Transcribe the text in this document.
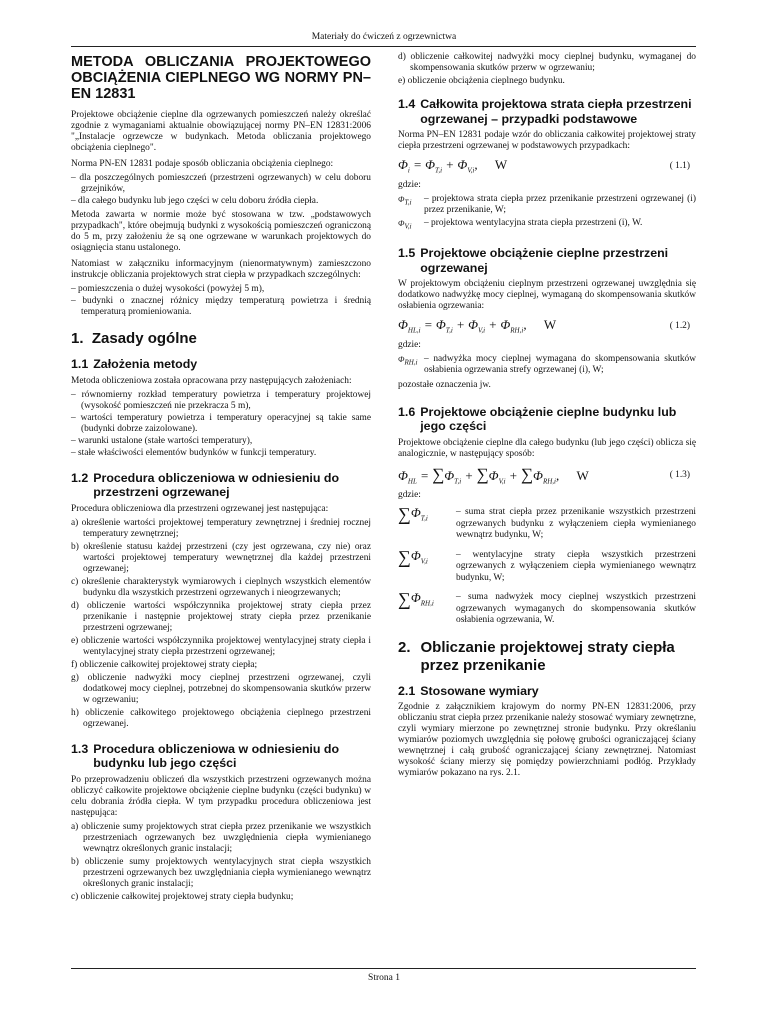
Materiały do ćwiczeń z ogrzewnictwa
METODA OBLICZANIA PROJEKTOWEGO OBCIĄŻENIA CIEPLNEGO WG NORMY PN–EN 12831

Projektowe obciążenie cieplne dla ogrzewanych pomieszczeń należy określać zgodnie z wymaganiami aktualnie obowiązującej normy PN–EN 12831:2006 "„Instalacje ogrzewcze w budynkach. Metoda obliczania projektowego obciążenia cieplnego".

Norma PN-EN 12831 podaje sposób obliczania obciążenia cieplnego:

– dla poszczególnych pomieszczeń (przestrzeni ogrzewanych) w celu doboru grzejników,
– dla całego budynku lub jego części w celu doboru źródła ciepła.

Metoda zawarta w normie może być stosowana w tzw. „podstawowych przypadkach", które obejmują budynki z wysokością pomieszczeń ograniczoną do 5 m, przy założeniu że są one ogrzewane w warunkach projektowych do osiągnięcia stanu ustalonego.

Natomiast w załączniku informacyjnym (nienormatywnym) zamieszczono instrukcje obliczania projektowych strat ciepła w przypadkach szczególnych:

– pomieszczenia o dużej wysokości (powyżej 5 m),
– budynki o znacznej różnicy między temperaturą powietrza i średnią temperaturą promieniowania.
1. Zasady ogólne
1.1 Założenia metody

Metoda obliczeniowa została opracowana przy następujących założeniach:

– równomierny rozkład temperatury powietrza i temperatury projektowej (wysokość pomieszczeń nie przekracza 5 m),
– wartości temperatury powietrza i temperatury operacyjnej są takie same (budynki dobrze zaizolowane).
– warunki ustalone (stałe wartości temperatury),
– stałe właściwości elementów budynków w funkcji temperatury.
1.2 Procedura obliczeniowa w odniesieniu do przestrzeni ogrzewanej

Procedura obliczeniowa dla przestrzeni ogrzewanej jest następująca:

a) określenie wartości projektowej temperatury zewnętrznej i średniej rocznej temperatury zewnętrznej;
b) określenie statusu każdej przestrzeni (czy jest ogrzewana, czy nie) oraz wartości projektowej temperatury wewnętrznej dla każdej przestrzeni ogrzewanej;
c) określenie charakterystyk wymiarowych i cieplnych wszystkich elementów budynku dla wszystkich przestrzeni ogrzewanych i nieogrzewanych;
d) obliczenie wartości współczynnika projektowej straty ciepła przez przenikanie i następnie projektowej straty ciepła przez przenikanie przestrzeni ogrzewanej;
e) obliczenie wartości współczynnika projektowej wentylacyjnej straty ciepła i wentylacyjnej straty ciepła przestrzeni ogrzewanej;
f) obliczenie całkowitej projektowej straty ciepła;
g) obliczenie nadwyżki mocy cieplnej przestrzeni ogrzewanej, czyli dodatkowej mocy cieplnej, potrzebnej do skompensowania skutków przerw w ogrzewaniu;
h) obliczenie całkowitego projektowego obciążenia cieplnego przestrzeni ogrzewanej.
1.3 Procedura obliczeniowa w odniesieniu do budynku lub jego części

Po przeprowadzeniu obliczeń dla wszystkich przestrzeni ogrzewanych można obliczyć całkowite projektowe obciążenie cieplne budynku (części budynku) w celu dobrania źródła ciepła. W tym przypadku procedura obliczeniowa jest następująca:

a) obliczenie sumy projektowych strat ciepła przez przenikanie we wszystkich przestrzeniach ogrzewanych bez uwzględnienia ciepła wymienianego wewnątrz określonych granic instalacji;
b) obliczenie sumy projektowych wentylacyjnych strat ciepła wszystkich przestrzeni ogrzewanych bez uwzględniania ciepła wymienianego wewnątrz określonych granic instalacji;
c) obliczenie całkowitej projektowej straty ciepła budynku;
d) obliczenie całkowitej nadwyżki mocy cieplnej budynku, wymaganej do skompensowania skutków przerw w ogrzewaniu;
e) obliczenie obciążenia cieplnego budynku.
1.4 Całkowita projektowa strata ciepła przestrzeni ogrzewanej – przypadki podstawowe

Norma PN–EN 12831 podaje wzór do obliczania całkowitej projektowej straty ciepła przestrzeni ogrzewanej w podstawowych przypadkach:

$\Phi_i = \Phi_{T,i} + \Phi_{V,i}$, W	( 1.1)

gdzie:

$\Phi_{T,i}$	– projektowa strata ciepła przez przenikanie przestrzeni ogrzewanej (i) przez przenikanie, W;
$\Phi_{V,i}$	– projektowa wentylacyjna strata ciepła przestrzeni (i), W.
1.5 Projektowe obciążenie cieplne przestrzeni ogrzewanej

W projektowym obciążeniu cieplnym przestrzeni ogrzewanej uwzględnia się dodatkowo nadwyżkę mocy cieplnej, wymaganą do skompensowania skutków osłabienia ogrzewania:

$\Phi_{HL,i} = \Phi_{T,i} + \Phi_{V,i} + \Phi_{RH,i}$, W	( 1.2)

gdzie:

$\Phi_{RH,i}$ – nadwyżka mocy cieplnej wymagana do skompensowania skutków osłabienia ogrzewania strefy ogrzewanej (i), W;

pozostałe oznaczenia jw.

1.6 Projektowe obciążenie cieplne budynku lub jego części

Projektowe obciążenie cieplne dla całego budynku (lub jego części) oblicza się analogicznie, w następujący sposób:

$\Phi_{HL} = \sum\Phi_{T,i} + \sum\Phi_{V,i} + \sum\Phi_{RH,i}$, W	( 1.3)

gdzie:

$\sum\Phi_{T,i}$
– suma strat ciepła przez przenikanie wszystkich przestrzeni ogrzewanych budynku z wyłączeniem ciepła wymienianego wewnątrz budynku, W;
$\sum\Phi_{V,i}$
– wentylacyjne straty ciepła wszystkich przestrzeni ogrzewanych z wyłączeniem ciepła wymienianego wewnątrz budynku, W;
$\sum\Phi_{RH,i}$
– suma nadwyżek mocy cieplnej wszystkich przestrzeni ogrzewanych wymaganych do skompensowania skutków osłabienia ogrzewania, W.
2. Obliczanie projektowej straty ciepła przez przenikanie
2.1 Stosowane wymiary

Zgodnie z załącznikiem krajowym do normy PN-EN 12831:2006, przy obliczaniu strat ciepła przez przenikanie należy stosować wymiary zewnętrzne, czyli wymiary mierzone po zewnętrznej stronie budynku. Przy określaniu wymiarów poziomych uwzględnia się połowę grubości ograniczającej ściany wewnętrznej i całą grubość ograniczającej ściany zewnętrznej. Natomiast wysokość ściany mierzy się pomiędzy powierzchniami podłóg. Przykłady wymiarów pokazano na rys. 2.1.

Strona 1
